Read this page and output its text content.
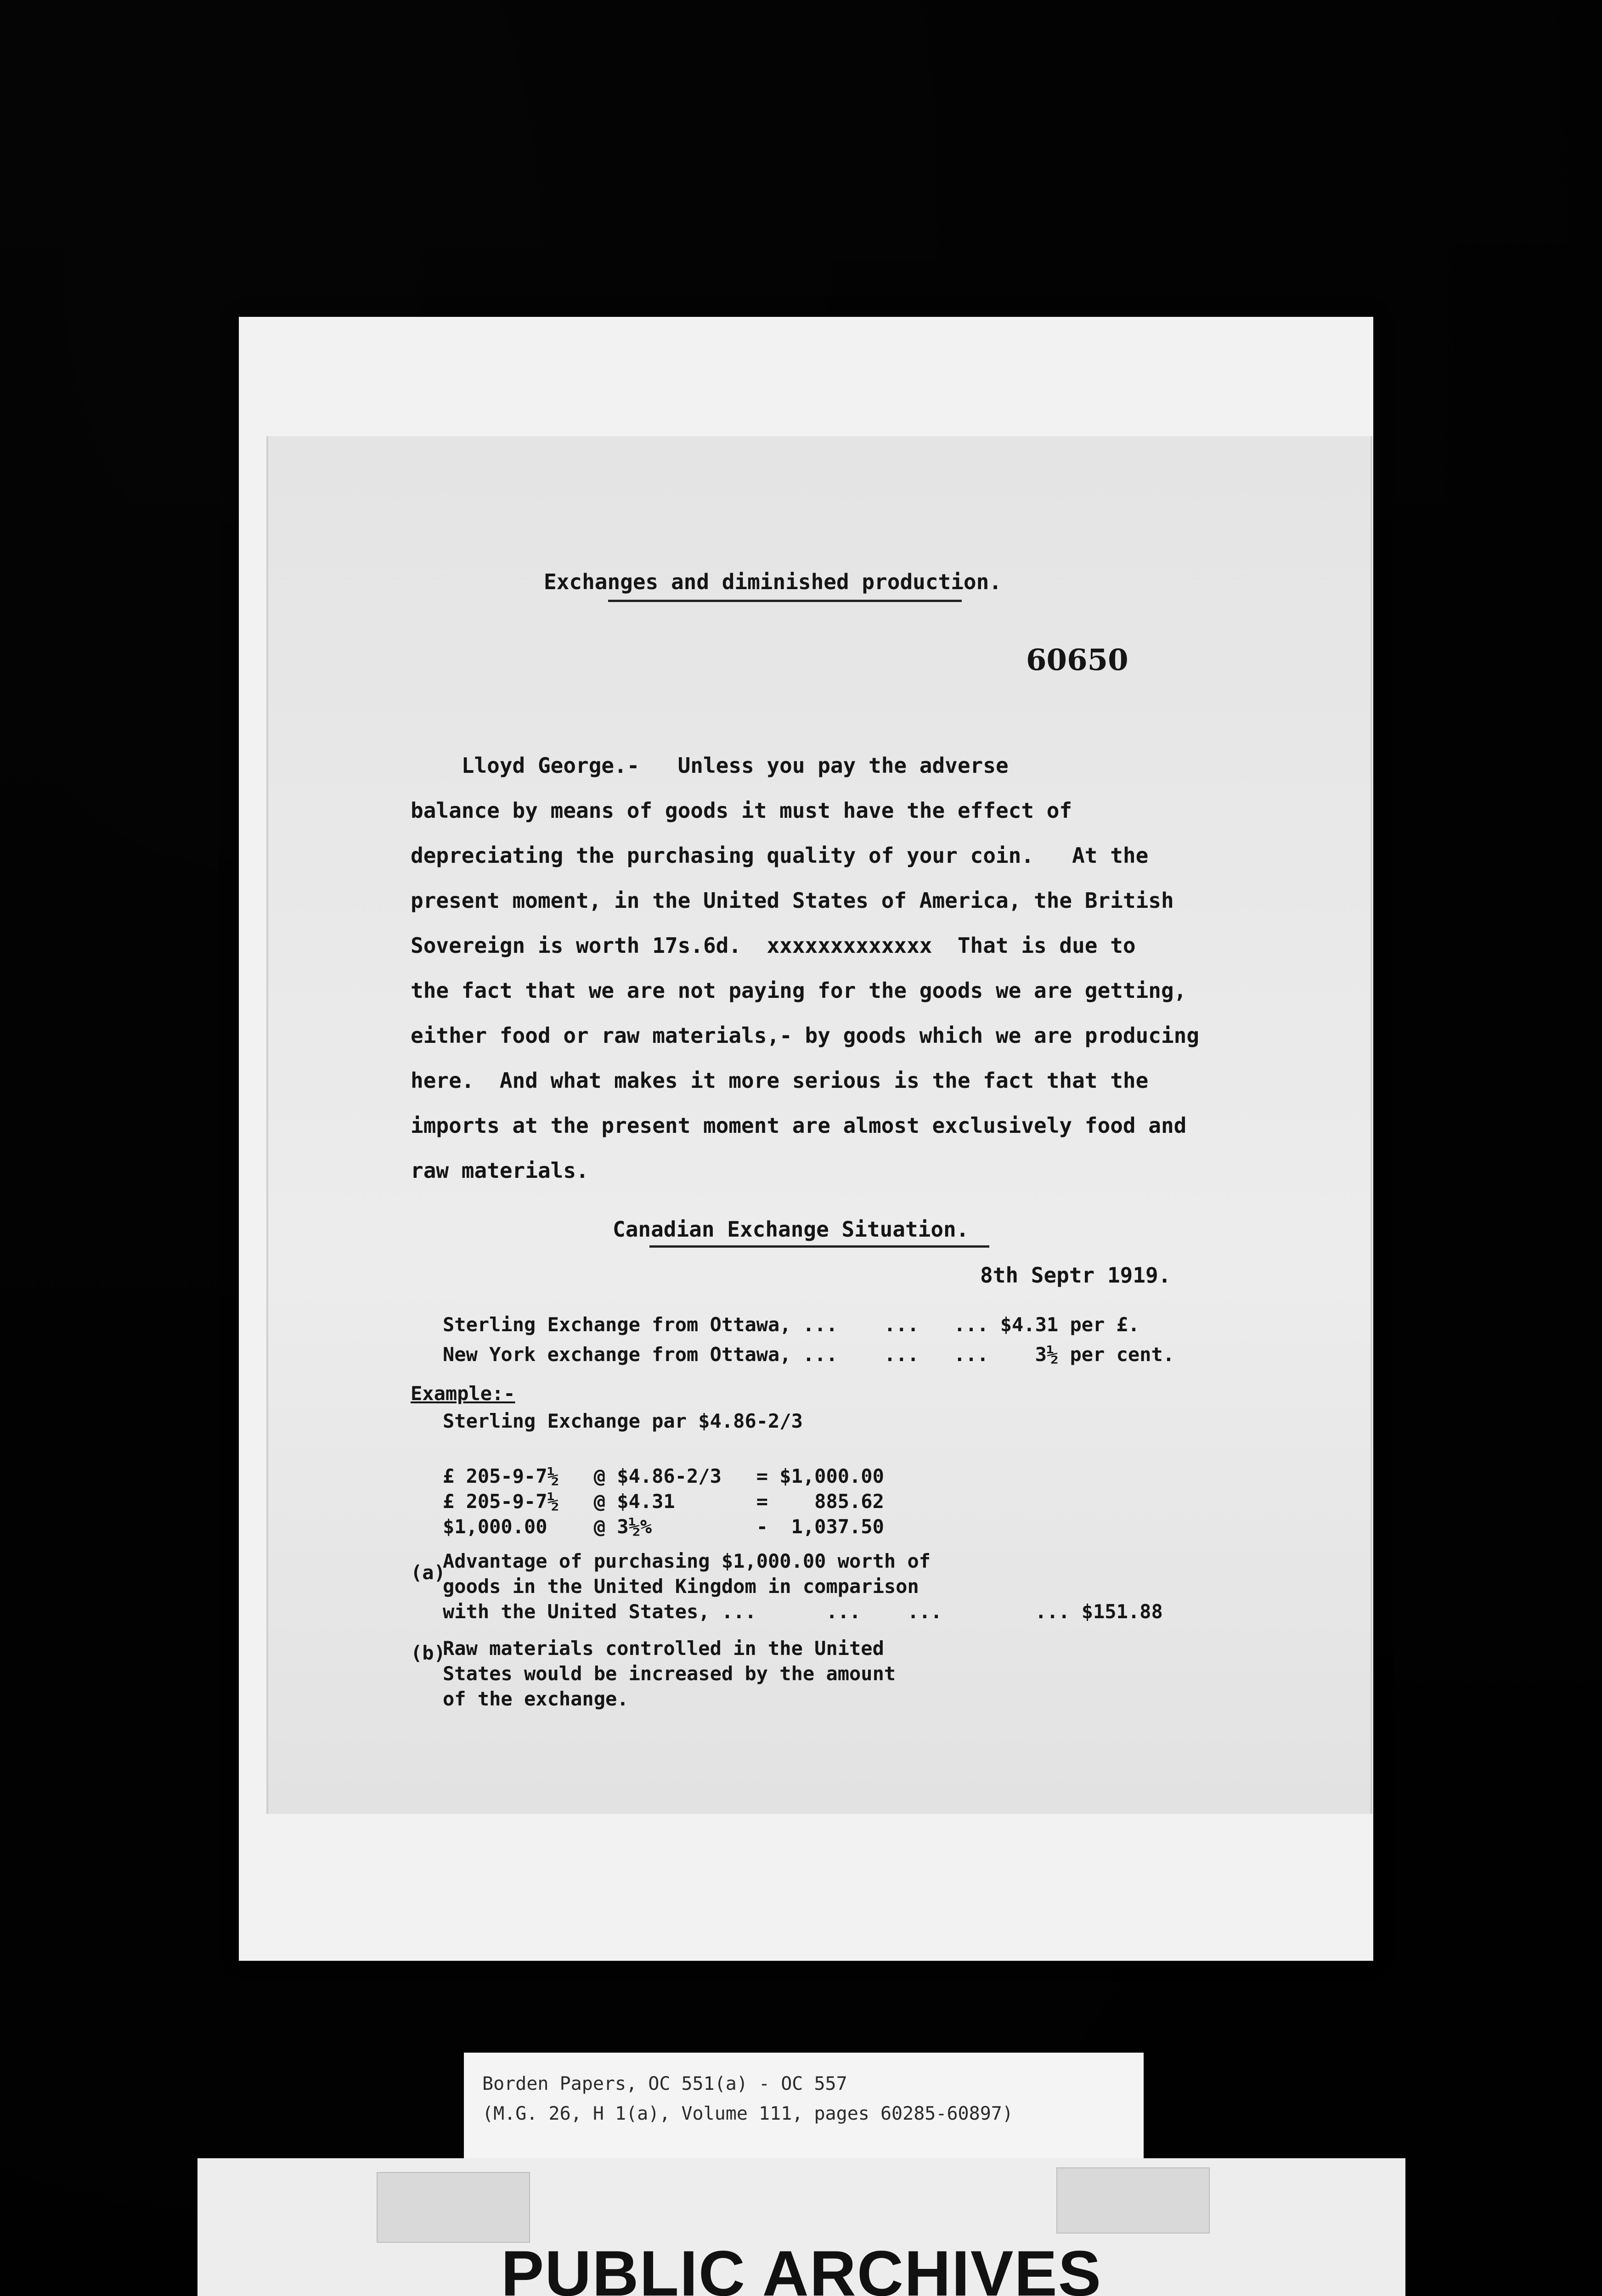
Exchanges and diminished production.
60650
Lloyd George.-   Unless you pay the adverse
balance by means of goods it must have the effect of
depreciating the purchasing quality of your coin.   At the
present moment, in the United States of America, the British
Sovereign is worth 17s.6d.  xxxxxxxxxxxxx  That is due to
the fact that we are not paying for the goods we are getting,
either food or raw materials,- by goods which we are producing
here.  And what makes it more serious is the fact that the
imports at the present moment are almost exclusively food and
raw materials.
Canadian Exchange Situation.
8th Septr 1919.
Sterling Exchange from Ottawa, ...    ...   ... $4.31 per £.
New York exchange from Ottawa, ...    ...   ...    3½ per cent.
Example:-
Sterling Exchange par $4.86-2/3
£ 205-9-7½   @ $4.86-2/3   = $1,000.00
£ 205-9-7½   @ $4.31       =    885.62
$1,000.00    @ 3½%         -  1,037.50
(a)
Advantage of purchasing $1,000.00 worth of
goods in the United Kingdom in comparison
with the United States, ...      ...    ...        ... $151.88
(b)
Raw materials controlled in the United
States would be increased by the amount
of the exchange.
Borden Papers, OC 551(a) - OC 557
(M.G. 26, H 1(a), Volume 111, pages 60285-60897)
PUBLIC ARCHIVES
